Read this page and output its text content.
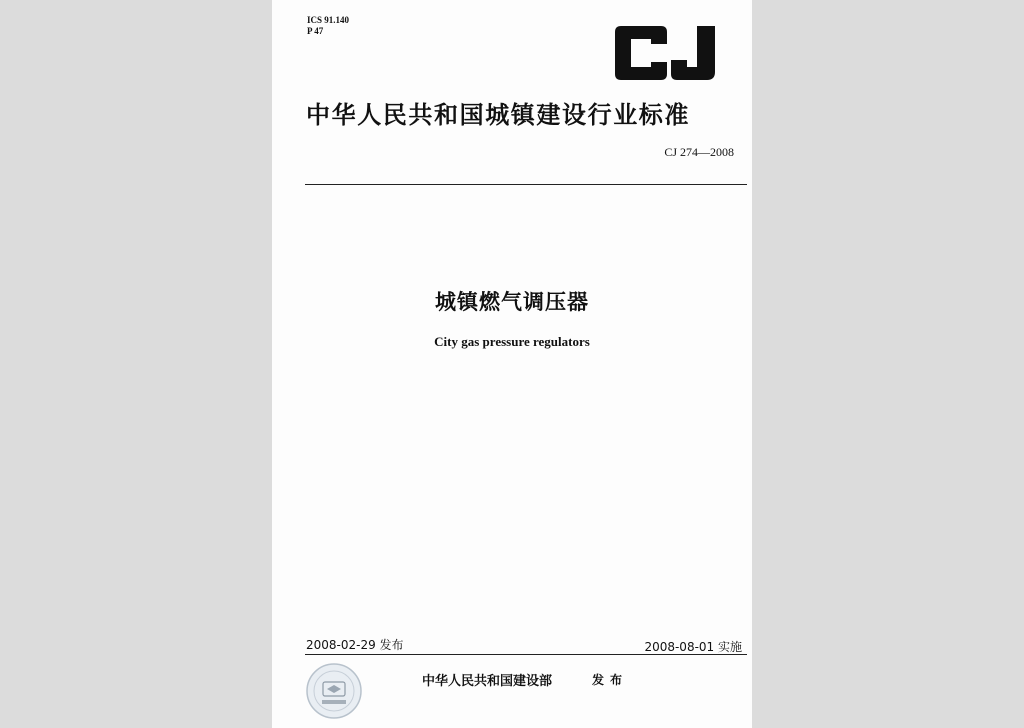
ICS 91.140
P 47
中华人民共和国城镇建设行业标准
CJ 274—2008
城镇燃气调压器
City gas pressure regulators
2008-02-29 发布	2008-08-01 实施
中华人民共和国建设部	发布
